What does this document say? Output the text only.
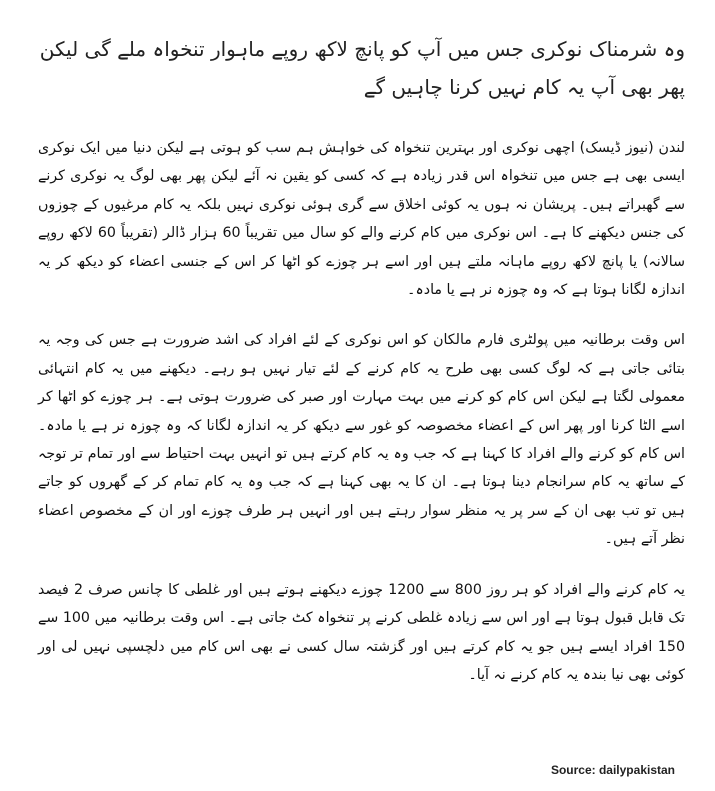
وہ شرمناک نوکری جس میں آپ کو پانچ لاکھ روپے ماہوار تنخواہ ملے گی لیکن پھر بھی آپ یہ کام نہیں کرنا چاہیں گے

لندن (نیوز ڈیسک) اچھی نوکری اور بہترین تنخواہ کی خواہش ہم سب کو ہوتی ہے لیکن دنیا میں ایک نوکری ایسی بھی ہے جس میں تنخواہ اس قدر زیادہ ہے کہ کسی کو یقین نہ آئے لیکن پھر بھی لوگ یہ نوکری کرنے سے گھبراتے ہیں۔ پریشان نہ ہوں یہ کوئی اخلاق سے گری ہوئی نوکری نہیں بلکہ یہ کام مرغیوں کے چوزوں کی جنس دیکھنے کا ہے۔ اس نوکری میں کام کرنے والے کو سال میں تقریباً 60 ہزار ڈالر (تقریباً 60 لاکھ روپے سالانہ) یا پانچ لاکھ روپے ماہانہ ملتے ہیں اور اسے ہر چوزے کو اٹھا کر اس کے جنسی اعضاء کو دیکھ کر یہ اندازہ لگانا ہوتا ہے کہ وہ چوزہ نر ہے یا مادہ۔

اس وقت برطانیہ میں پولٹری فارم مالکان کو اس نوکری کے لئے افراد کی اشد ضرورت ہے جس کی وجہ یہ بتائی جاتی ہے کہ لوگ کسی بھی طرح یہ کام کرنے کے لئے تیار نہیں ہو رہے۔ دیکھنے میں یہ کام انتہائی معمولی لگتا ہے لیکن اس کام کو کرنے میں بہت مہارت اور صبر کی ضرورت ہوتی ہے۔ ہر چوزے کو اٹھا کر اسے الٹا کرنا اور پھر اس کے اعضاء مخصوصہ کو غور سے دیکھ کر یہ اندازہ لگانا کہ وہ چوزہ نر ہے یا مادہ۔ اس کام کو کرنے والے افراد کا کہنا ہے کہ جب وہ یہ کام کرتے ہیں تو انہیں بہت احتیاط سے اور تمام تر توجہ کے ساتھ یہ کام سرانجام دینا ہوتا ہے۔ ان کا یہ بھی کہنا ہے کہ جب وہ یہ کام تمام کر کے گھروں کو جاتے ہیں تو تب بھی ان کے سر پر یہ منظر سوار رہتے ہیں اور انہیں ہر طرف چوزے اور ان کے مخصوص اعضاء نظر آتے ہیں۔

یہ کام کرنے والے افراد کو ہر روز 800 سے 1200 چوزے دیکھنے ہوتے ہیں اور غلطی کا چانس صرف 2 فیصد تک قابل قبول ہوتا ہے اور اس سے زیادہ غلطی کرنے پر تنخواہ کٹ جاتی ہے۔ اس وقت برطانیہ میں 100 سے 150 افراد ایسے ہیں جو یہ کام کرتے ہیں اور گزشتہ سال کسی نے بھی اس کام میں دلچسپی نہیں لی اور کوئی بھی نیا بندہ یہ کام کرنے نہ آیا۔

Source: dailypakistan
